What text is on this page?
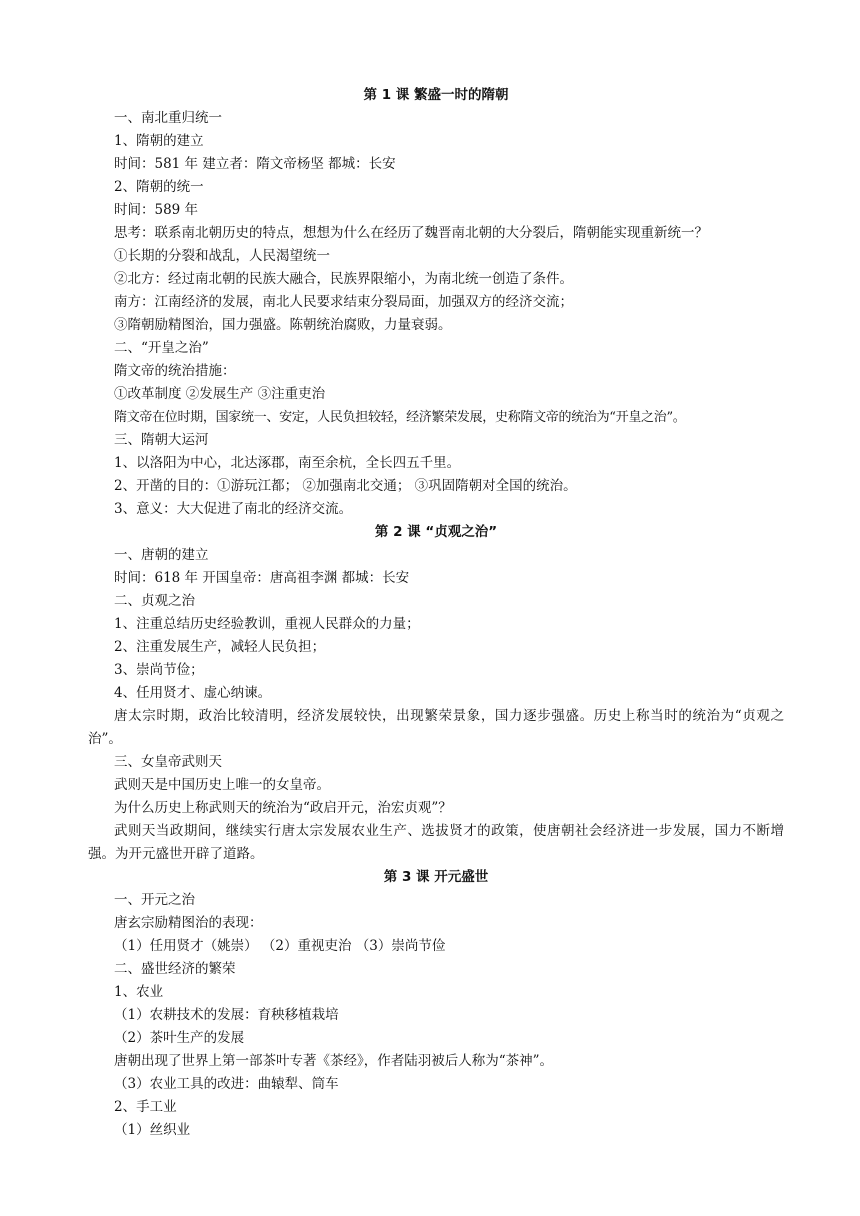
第 1 课 繁盛一时的隋朝
一、南北重归统一
1、隋朝的建立
时间：581 年 建立者：隋文帝杨坚 都城：长安
2、隋朝的统一
时间：589 年
思考：联系南北朝历史的特点，想想为什么在经历了魏晋南北朝的大分裂后，隋朝能实现重新统一？
①长期的分裂和战乱，人民渴望统一
②北方：经过南北朝的民族大融合，民族界限缩小，为南北统一创造了条件。
南方：江南经济的发展，南北人民要求结束分裂局面，加强双方的经济交流；
③隋朝励精图治，国力强盛。陈朝统治腐败，力量衰弱。
二、“开皇之治”
隋文帝的统治措施：
①改革制度 ②发展生产 ③注重吏治
隋文帝在位时期，国家统一、安定，人民负担较轻，经济繁荣发展，史称隋文帝的统治为“开皇之治”。
三、隋朝大运河
1、以洛阳为中心，北达涿郡，南至余杭，全长四五千里。
2、开凿的目的：①游玩江都； ②加强南北交通； ③巩固隋朝对全国的统治。
3、意义：大大促进了南北的经济交流。
第 2 课 “贞观之治”
一、唐朝的建立
时间：618 年 开国皇帝：唐高祖李渊 都城：长安
二、贞观之治
1、注重总结历史经验教训，重视人民群众的力量；
2、注重发展生产，减轻人民负担；
3、崇尚节俭；
4、任用贤才、虚心纳谏。
唐太宗时期，政治比较清明，经济发展较快，出现繁荣景象，国力逐步强盛。历史上称当时的统治为“贞观之治”。
三、女皇帝武则天
武则天是中国历史上唯一的女皇帝。
为什么历史上称武则天的统治为“政启开元，治宏贞观”？
武则天当政期间，继续实行唐太宗发展农业生产、选拔贤才的政策，使唐朝社会经济进一步发展，国力不断增强。为开元盛世开辟了道路。
第 3 课 开元盛世
一、开元之治
唐玄宗励精图治的表现：
（1）任用贤才（姚崇） （2）重视吏治 （3）崇尚节俭
二、盛世经济的繁荣
1、农业
（1）农耕技术的发展：育秧移植栽培
（2）茶叶生产的发展
唐朝出现了世界上第一部茶叶专著《茶经》，作者陆羽被后人称为“茶神”。
（3）农业工具的改进：曲辕犁、筒车
2、手工业
（1）丝织业
